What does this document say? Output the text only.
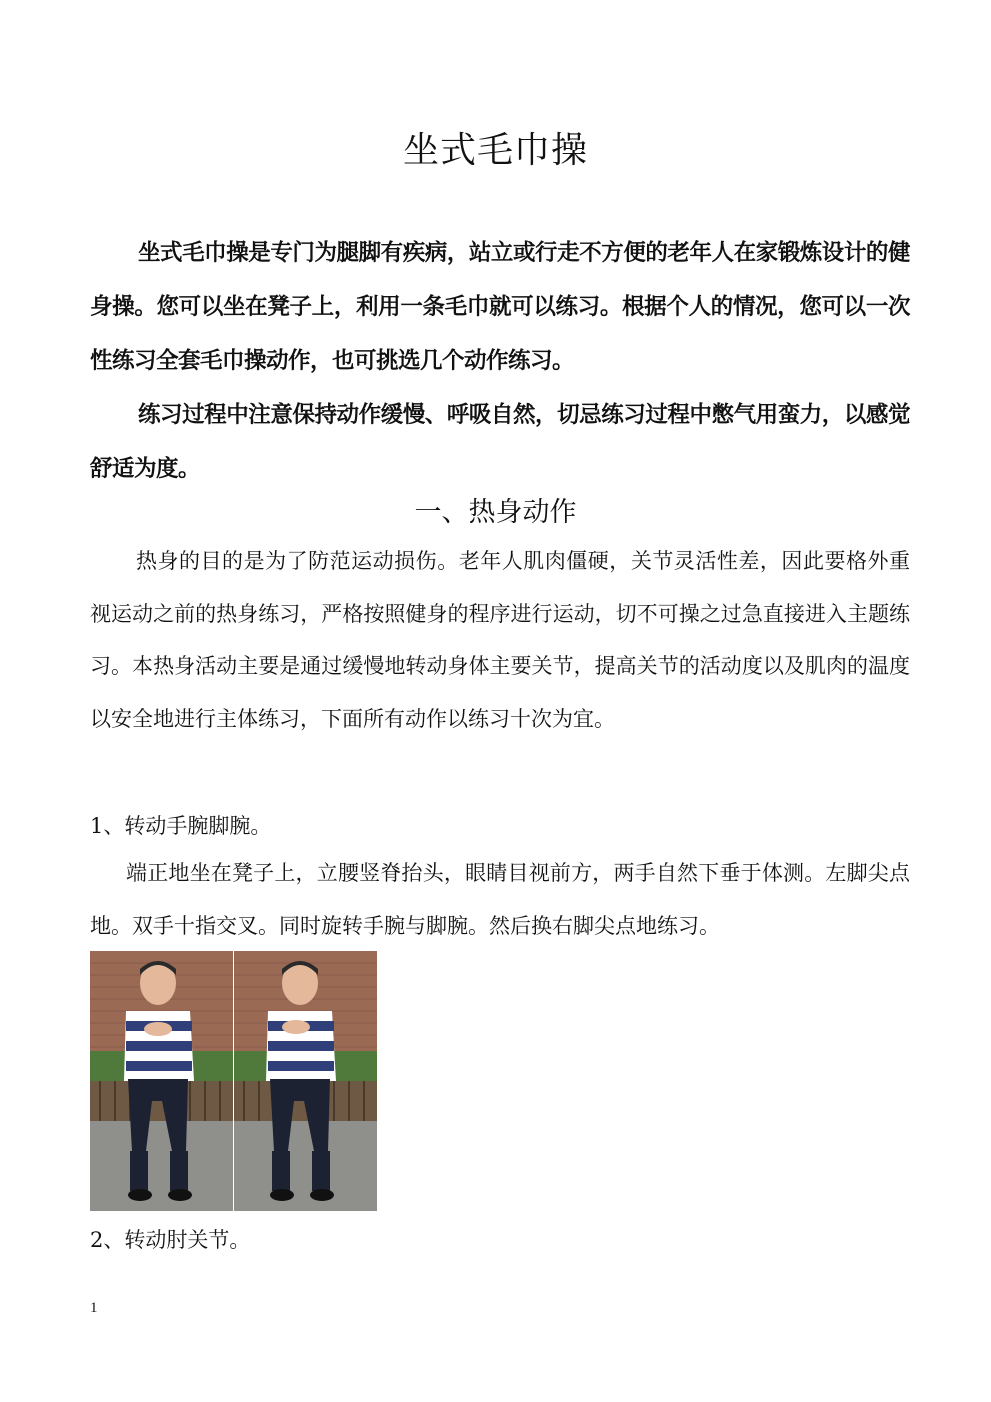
坐式毛巾操

坐式毛巾操是专门为腿脚有疾病，站立或行走不方便的老年人在家锻炼设计的健身操。您可以坐在凳子上，利用一条毛巾就可以练习。根据个人的情况，您可以一次性练习全套毛巾操动作，也可挑选几个动作练习。

练习过程中注意保持动作缓慢、呼吸自然，切忌练习过程中憋气用蛮力，以感觉舒适为度。

一、热身动作

热身的目的是为了防范运动损伤。老年人肌肉僵硬，关节灵活性差，因此要格外重视运动之前的热身练习，严格按照健身的程序进行运动，切不可操之过急直接进入主题练习。本热身活动主要是通过缓慢地转动身体主要关节，提高关节的活动度以及肌肉的温度以安全地进行主体练习，下面所有动作以练习十次为宜。

1、转动手腕脚腕。

端正地坐在凳子上，立腰竖脊抬头，眼睛目视前方，两手自然下垂于体测。左脚尖点地。双手十指交叉。同时旋转手腕与脚腕。然后换右脚尖点地练习。

2、转动肘关节。
1
